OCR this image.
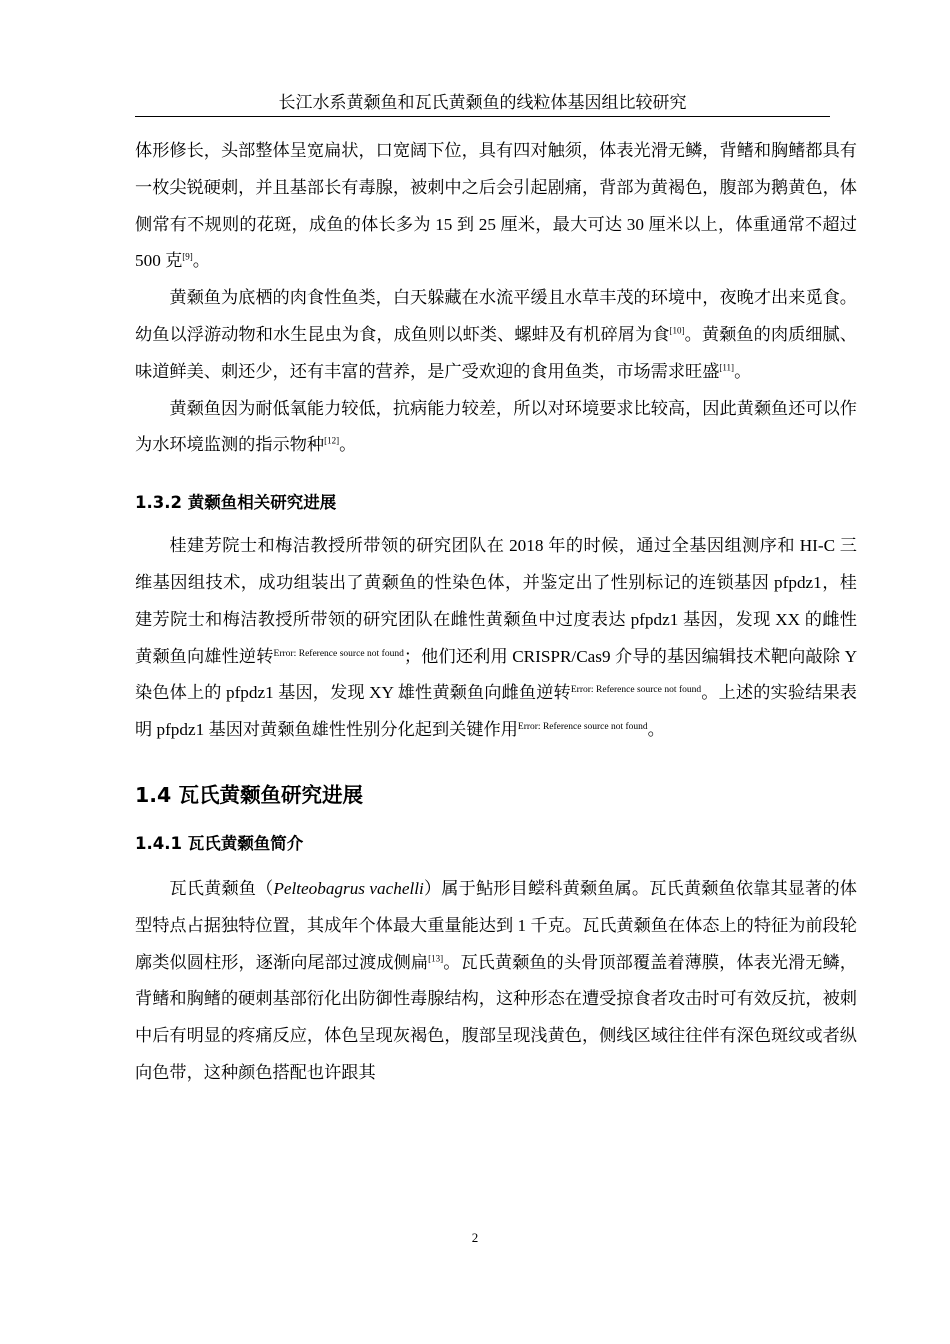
长江水系黄颡鱼和瓦氏黄颡鱼的线粒体基因组比较研究

体形修长，头部整体呈宽扁状，口宽阔下位，具有四对触须，体表光滑无鳞，背鳍和胸鳍都具有一枚尖锐硬刺，并且基部长有毒腺，被刺中之后会引起剧痛，背部为黄褐色，腹部为鹅黄色，体侧常有不规则的花斑，成鱼的体长多为 15 到 25 厘米，最大可达 30 厘米以上，体重通常不超过 500 克[9]。

黄颡鱼为底栖的肉食性鱼类，白天躲藏在水流平缓且水草丰茂的环境中，夜晚才出来觅食。幼鱼以浮游动物和水生昆虫为食，成鱼则以虾类、螺蚌及有机碎屑为食[10]。黄颡鱼的肉质细腻、味道鲜美、刺还少，还有丰富的营养，是广受欢迎的食用鱼类，市场需求旺盛[11]。

黄颡鱼因为耐低氧能力较低，抗病能力较差，所以对环境要求比较高，因此黄颡鱼还可以作为水环境监测的指示物种[12]。

1.3.2 黄颡鱼相关研究进展

桂建芳院士和梅洁教授所带领的研究团队在 2018 年的时候，通过全基因组测序和 HI-C 三维基因组技术，成功组装出了黄颡鱼的性染色体，并鉴定出了性别标记的连锁基因 pfpdz1，桂建芳院士和梅洁教授所带领的研究团队在雌性黄颡鱼中过度表达 pfpdz1 基因，发现 XX 的雌性黄颡鱼向雄性逆转$^{Error: Reference source not found}$；他们还利用 CRISPR/Cas9 介导的基因编辑技术靶向敲除 Y 染色体上的 pfpdz1 基因，发现 XY 雄性黄颡鱼向雌鱼逆转$^{Error: Reference source not found}$。上述的实验结果表明 pfpdz1 基因对黄颡鱼雄性性别分化起到关键作用$^{Error: Reference source not found}$。

1.4 瓦氏黄颡鱼研究进展
1.4.1 瓦氏黄颡鱼简介

瓦氏黄颡鱼（Pelteobagrus vachelli）属于鲇形目鲿科黄颡鱼属。瓦氏黄颡鱼依靠其显著的体型特点占据独特位置，其成年个体最大重量能达到 1 千克。瓦氏黄颡鱼在体态上的特征为前段轮廓类似圆柱形，逐渐向尾部过渡成侧扁[13]。瓦氏黄颡鱼的头骨顶部覆盖着薄膜，体表光滑无鳞，背鳍和胸鳍的硬刺基部衍化出防御性毒腺结构，这种形态在遭受掠食者攻击时可有效反抗，被刺中后有明显的疼痛反应，体色呈现灰褐色，腹部呈现浅黄色，侧线区域往往伴有深色斑纹或者纵向色带，这种颜色搭配也许跟其

2
